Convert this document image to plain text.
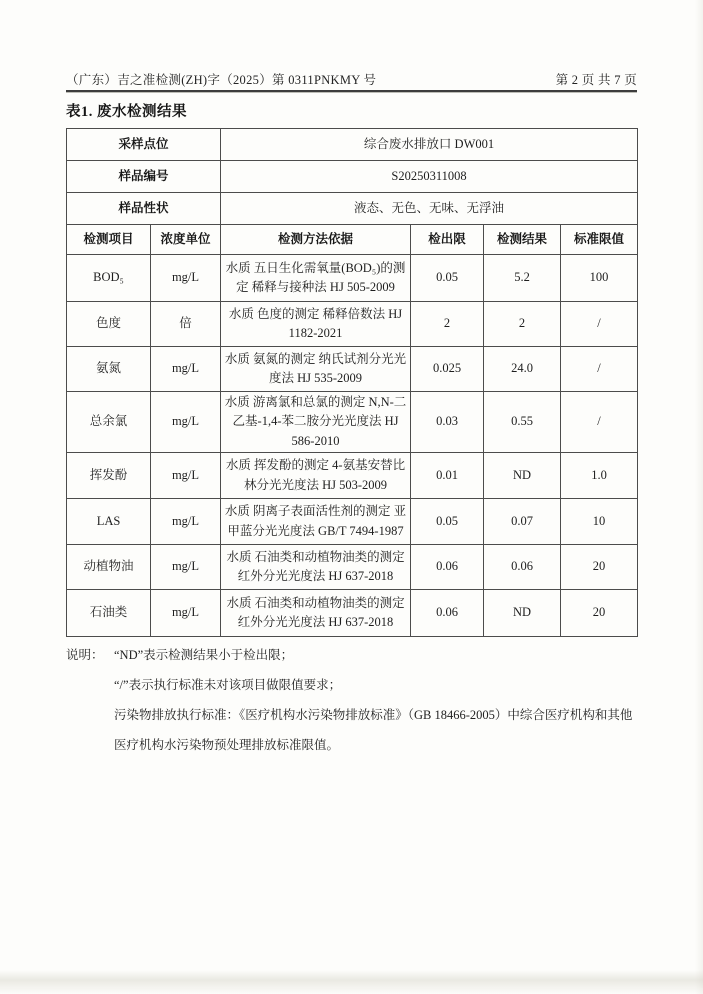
（广东）吉之准检测(ZH)字（2025）第 0311PNKMY 号	第 2 页 共 7 页
表1. 废水检测结果
采样点位		综合废水排放口 DW001			
样品编号		S20250311008			
样品性状		液态、无色、无味、无浮油			
检测项目	浓度单位	检测方法依据	检出限	检测结果	标准限值
BOD₅	mg/L	水质 五日生化需氧量(BOD₅)的测定 稀释与接种法 HJ 505-2009	0.05	5.2	100
色度	倍	水质 色度的测定 稀释倍数法 HJ 1182-2021	2	2	/
氨氮	mg/L	水质 氨氮的测定 纳氏试剂分光光度法 HJ 535-2009	0.025	24.0	/
总余氯	mg/L	水质 游离氯和总氯的测定 N,N-二乙基-1,4-苯二胺分光光度法 HJ 586-2010	0.03	0.55	/
挥发酚	mg/L	水质 挥发酚的测定 4-氨基安替比林分光光度法 HJ 503-2009	0.01	ND	1.0
LAS	mg/L	水质 阴离子表面活性剂的测定 亚甲蓝分光光度法 GB/T 7494-1987	0.05	0.07	10
动植物油	mg/L	水质 石油类和动植物油类的测定 红外分光光度法 HJ 637-2018	0.06	0.06	20
石油类	mg/L	水质 石油类和动植物油类的测定 红外分光光度法 HJ 637-2018	0.06	ND	20
说明： “ND”表示检测结果小于检出限；
“/”表示执行标准未对该项目做限值要求；
污染物排放执行标准：《医疗机构水污染物排放标准》（GB 18466-2005）中综合医疗机构和其他医疗机构水污染物预处理排放标准限值。
